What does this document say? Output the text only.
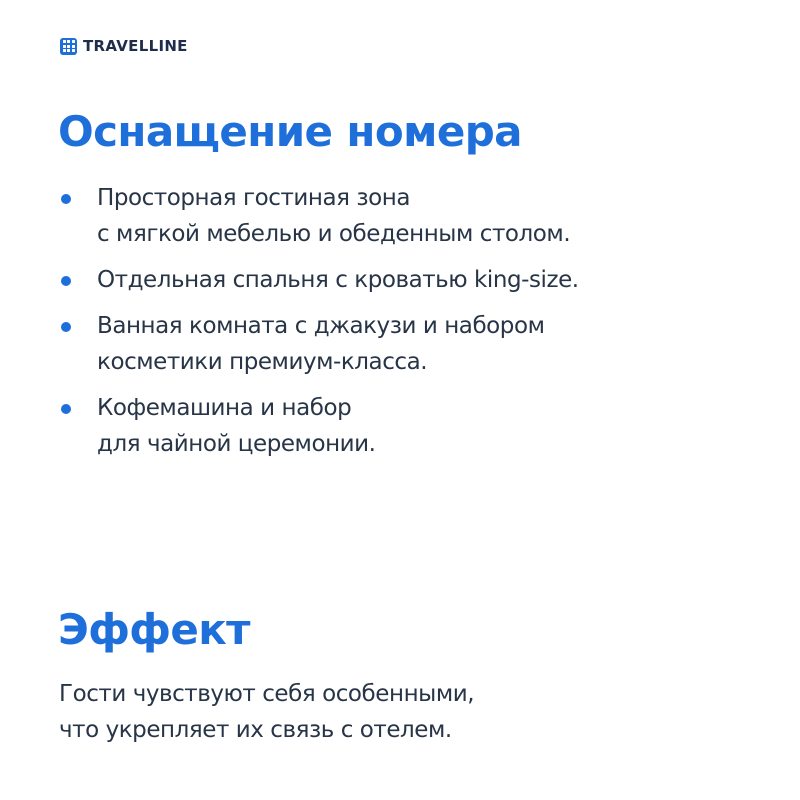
TRAVELLINE
Оснащение номера
Просторная гостиная зона
с мягкой мебелью и обеденным столом.
Отдельная спальня с кроватью king-size.
Ванная комната с джакузи и набором
косметики премиум-класса.
Кофемашина и набор
для чайной церемонии.
Эффект
Гости чувствуют себя особенными,
что укрепляет их связь с отелем.
